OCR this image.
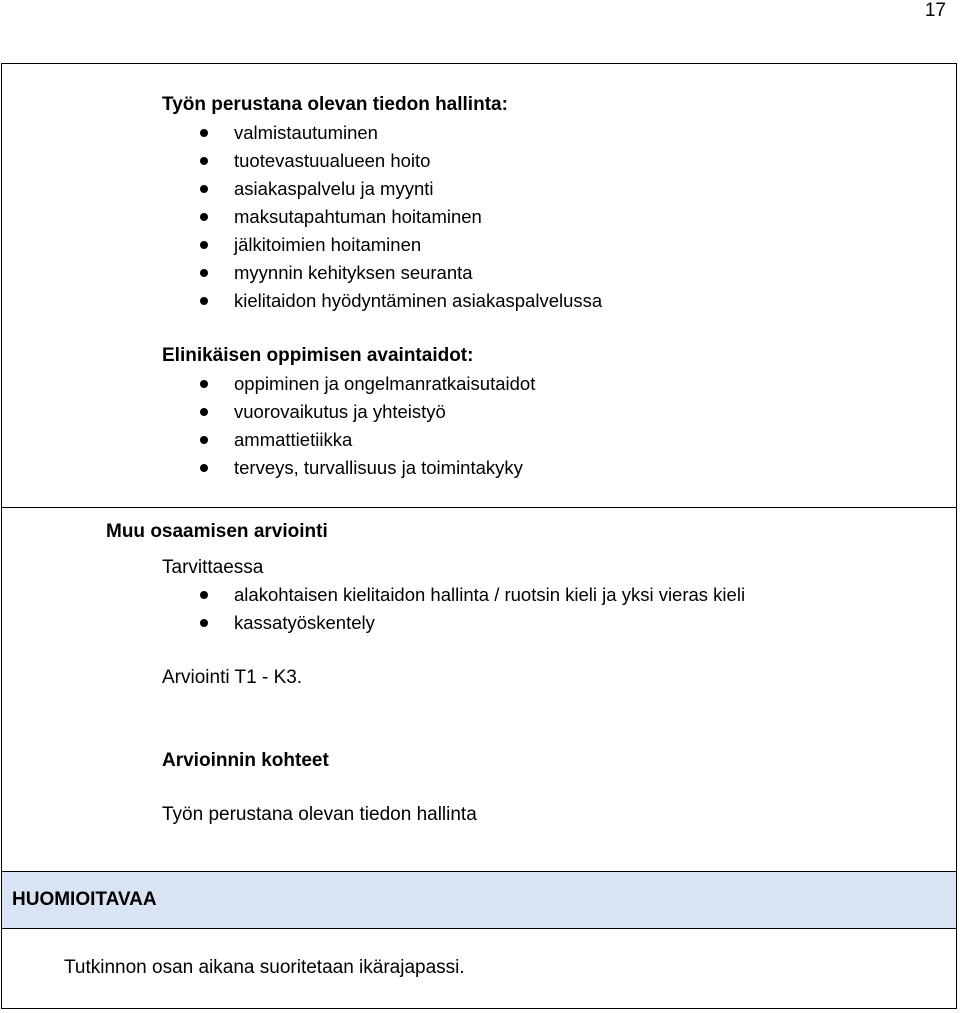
17
Työn perustana olevan tiedon hallinta:
valmistautuminen
tuotevastuualueen hoito
asiakaspalvelu ja myynti
maksutapahtuman hoitaminen
jälkitoimien hoitaminen
myynnin kehityksen seuranta
kielitaidon hyödyntäminen asiakaspalvelussa
Elinikäisen oppimisen avaintaidot:
oppiminen ja ongelmanratkaisutaidot
vuorovaikutus ja yhteistyö
ammattietiikka
terveys, turvallisuus ja toimintakyky
Muu osaamisen arviointi
Tarvittaessa
alakohtaisen kielitaidon hallinta / ruotsin kieli ja yksi vieras kieli
kassatyöskentely
Arviointi T1 - K3.
Arvioinnin kohteet
Työn perustana olevan tiedon hallinta
HUOMIOITAVAA
Tutkinnon osan aikana suoritetaan ikärajapassi.
